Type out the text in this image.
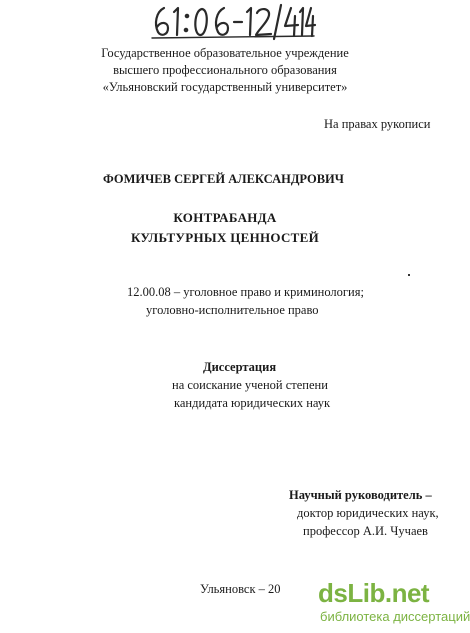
Государственное образовательное учреждение
высшего профессионального образования
«Ульяновский государственный университет»
На правах рукописи
ФОМИЧЕВ СЕРГЕЙ АЛЕКСАНДРОВИЧ
КОНТРАБАНДА
КУЛЬТУРНЫХ ЦЕННОСТЕЙ
12.00.08 – уголовное право и криминология;
уголовно-исполнительное право
Диссертация
на соискание ученой степени
кандидата юридических наук
Научный руководитель –
доктор юридических наук,
профессор А.И. Чучаев
Ульяновск – 20 dsLib.net
библиотека диссертаций
